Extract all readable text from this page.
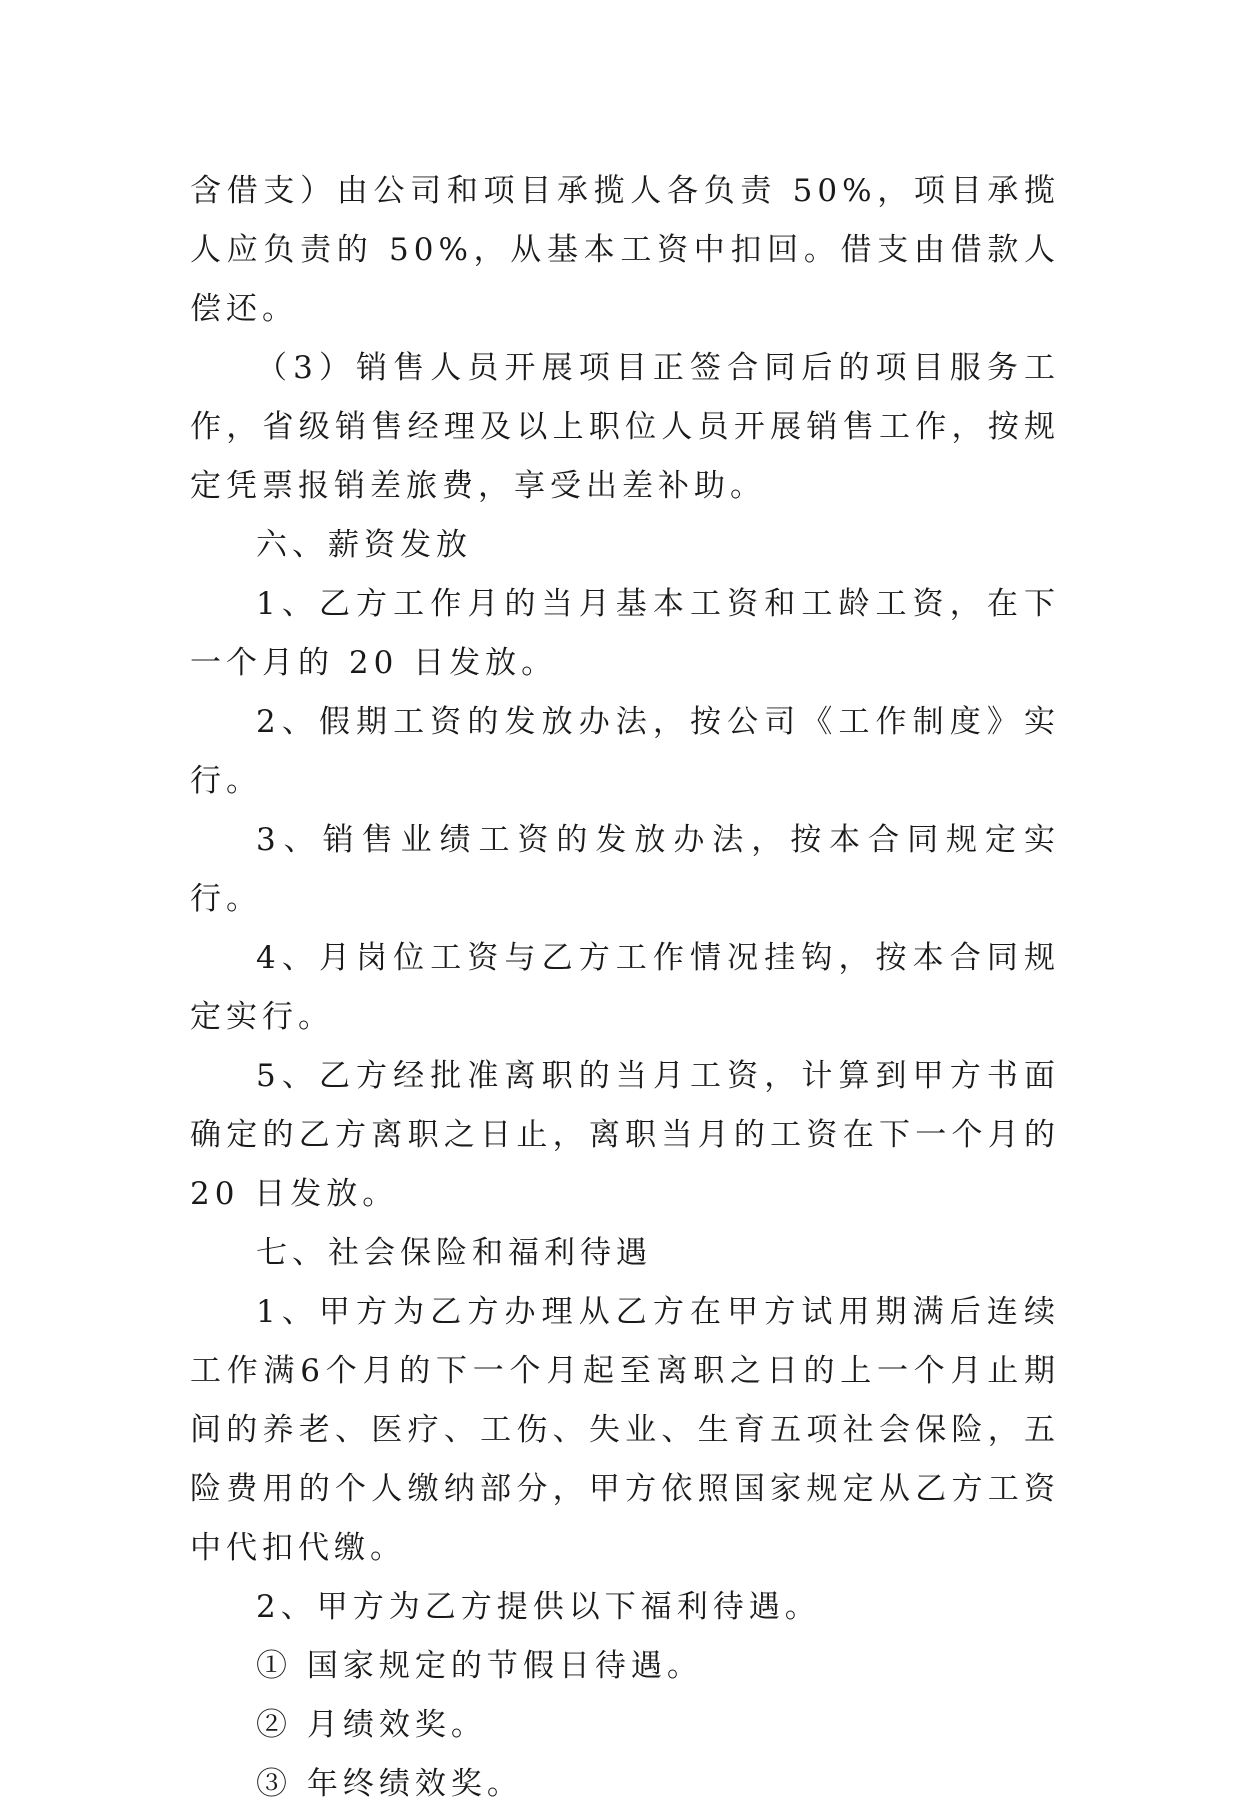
含借支）由公司和项目承揽人各负责 50%，项目承揽人应负责的 50%，从基本工资中扣回。借支由借款人偿还。

（3）销售人员开展项目正签合同后的项目服务工作，省级销售经理及以上职位人员开展销售工作，按规定凭票报销差旅费，享受出差补助。

六、薪资发放

1、乙方工作月的当月基本工资和工龄工资，在下一个月的 20 日发放。

2、假期工资的发放办法，按公司《工作制度》实行。

3、销售业绩工资的发放办法，按本合同规定实行。

4、月岗位工资与乙方工作情况挂钩，按本合同规定实行。

5、乙方经批准离职的当月工资，计算到甲方书面确定的乙方离职之日止，离职当月的工资在下一个月的 20 日发放。

七、社会保险和福利待遇

1、甲方为乙方办理从乙方在甲方试用期满后连续工作满6个月的下一个月起至离职之日的上一个月止期间的养老、医疗、工伤、失业、生育五项社会保险，五险费用的个人缴纳部分，甲方依照国家规定从乙方工资中代扣代缴。

2、甲方为乙方提供以下福利待遇。

① 国家规定的节假日待遇。

② 月绩效奖。

③ 年终绩效奖。
